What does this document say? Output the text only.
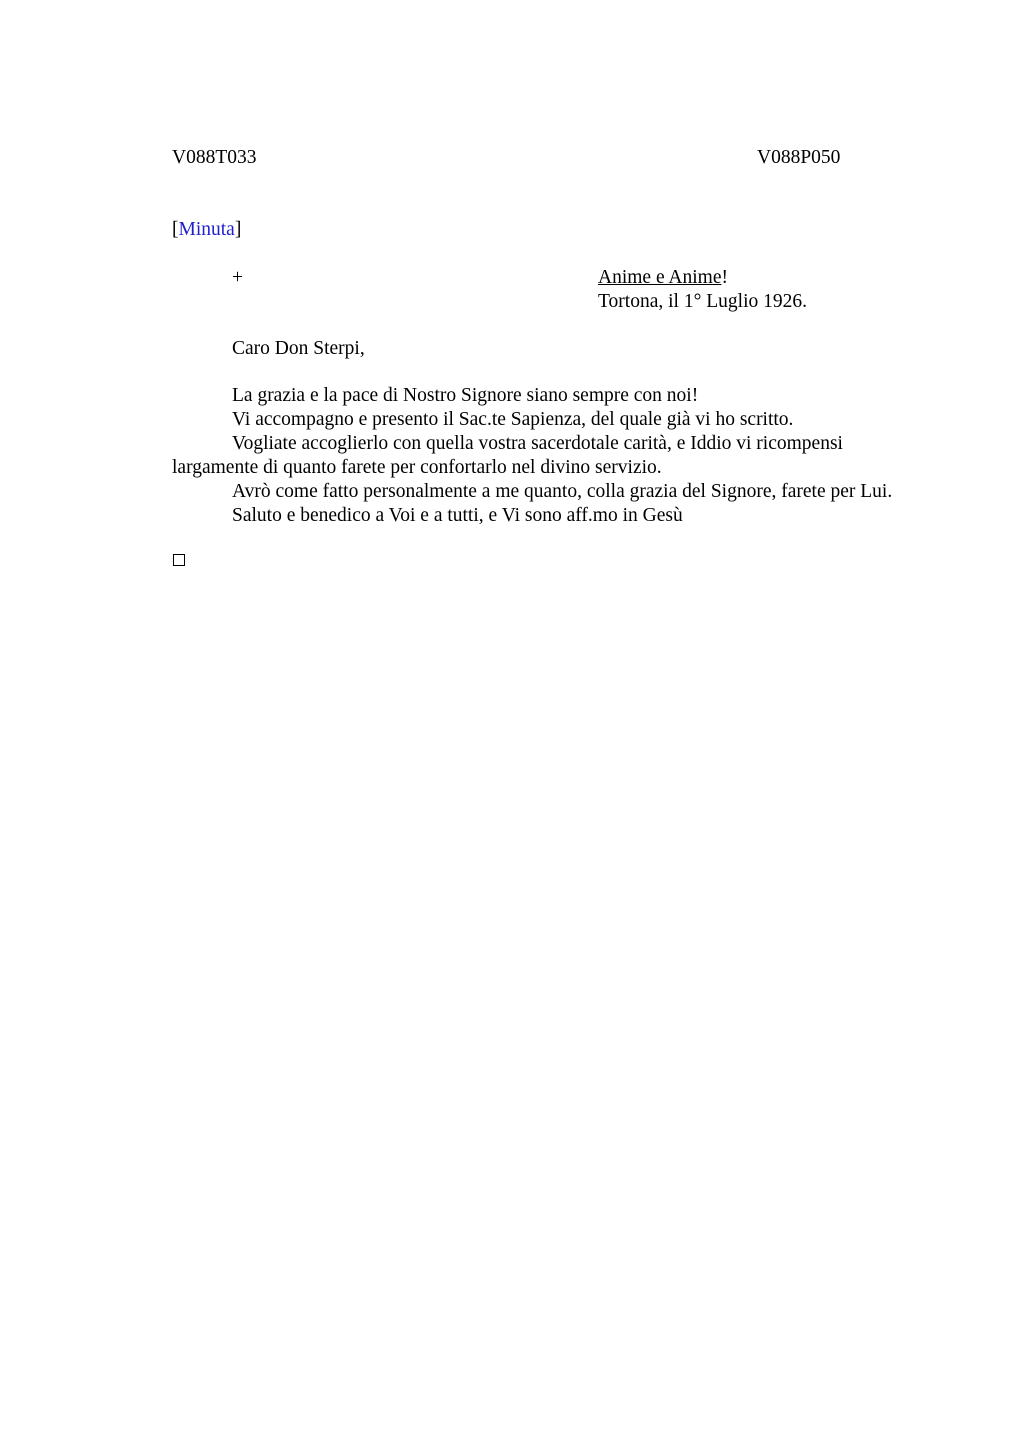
V088T033	V088P050
[Minuta]
+	Anime e Anime!
Tortona, il 1° Luglio 1926.
Caro Don Sterpi,

La grazia e la pace di Nostro Signore siano sempre con noi!

Vi accompagno e presento il Sac.te Sapienza, del quale già vi ho scritto.

Vogliate accoglierlo con quella vostra sacerdotale carità, e Iddio vi ricompensi largamente di quanto farete per confortarlo nel divino servizio.

Avrò come fatto personalmente a me quanto, colla grazia del Signore, farete per Lui.

Saluto e benedico a Voi e a tutti, e Vi sono aff.mo in Gesù
